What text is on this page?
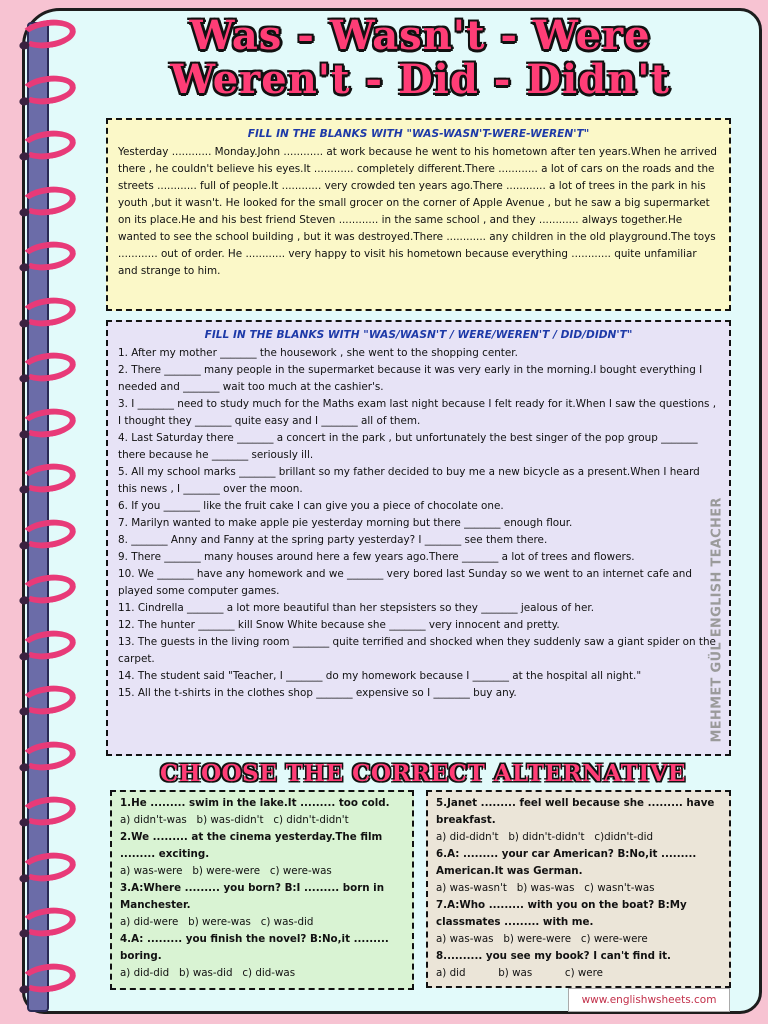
Was - Wasn't - Were
Weren't - Did - Didn't
FILL IN THE BLANKS WITH "WAS-WASN'T-WERE-WEREN'T"

Yesterday ............ Monday.John ............ at work because he went to his hometown after ten years.When he arrived there , he couldn't believe his eyes.It ............ completely different.There ............ a lot of cars on the roads and the streets ............ full of people.It ............ very crowded ten years ago.There ............ a lot of trees in the park in his youth ,but it wasn't. He looked for the small grocer on the corner of Apple Avenue , but he saw a big supermarket on its place.He and his best friend Steven ............ in the same school , and they ............ always together.He wanted to see the school building , but it was destroyed.There ............ any children in the old playground.The toys ............ out of order. He ............ very happy to visit his hometown because everything ............ quite unfamiliar and strange to him.

FILL IN THE BLANKS WITH "WAS/WASN'T / WERE/WEREN'T / DID/DIDN'T"

1. After my mother _______ the housework , she went to the shopping center.

2. There _______ many people in the supermarket because it was very early in the morning.I bought everything I needed and _______ wait too much at the cashier's.

3. I _______ need to study much for the Maths exam last night because I felt ready for it.When I saw the questions , I thought they _______ quite easy and I _______ all of them.

4. Last Saturday there _______ a concert in the park , but unfortunately the best singer of the pop group _______ there because he _______ seriously ill.

5. All my school marks _______ brillant so my father decided to buy me a new bicycle as a present.When I heard this news , I _______ over the moon.

6. If you _______ like the fruit cake I can give you a piece of chocolate one.

7. Marilyn wanted to make apple pie yesterday morning but there _______ enough flour.

8. _______ Anny and Fanny at the spring party yesterday? I _______ see them there.

9. There _______ many houses around here a few years ago.There _______ a lot of trees and flowers.

10. We _______ have any homework and we _______ very bored last Sunday so we went to an internet cafe and played some computer games.

11. Cindrella _______ a lot more beautiful than her stepsisters so they _______ jealous of her.

12. The hunter _______ kill Snow White because she _______ very innocent and pretty.

13. The guests in the living room _______ quite terrified and shocked when they suddenly saw a giant spider on the carpet.

14. The student said "Teacher, I _______ do my homework because I _______ at the hospital all night."

15. All the t-shirts in the clothes shop _______ expensive so I _______ buy any.	MEHMET GÜL ENGLISH TEACHER
CHOOSE THE CORRECT ALTERNATIVE
1.He ......... swim in the lake.It ......... too cold.
a) didn't-was   b) was-didn't   c) didn't-didn't
2.We ......... at the cinema yesterday.The film ......... exciting.
a) was-were   b) were-were   c) were-was
3.A:Where ......... you born? B:I ......... born in Manchester.
a) did-were   b) were-was   c) was-did
4.A: ......... you finish the novel? B:No,it ......... boring.
a) did-did   b) was-did   c) did-was
5.Janet ......... feel well because she ......... have breakfast.
a) did-didn't   b) didn't-didn't   c)didn't-did
6.A: ......... your car American? B:No,it ......... American.It was German.
a) was-wasn't   b) was-was   c) wasn't-was
7.A:Who ......... with you on the boat? B:My classmates ......... with me.
a) was-was   b) were-were   c) were-were
8.......... you see my book? I can't find it.
a) did          b) was          c) were
www.englishwsheets.com
